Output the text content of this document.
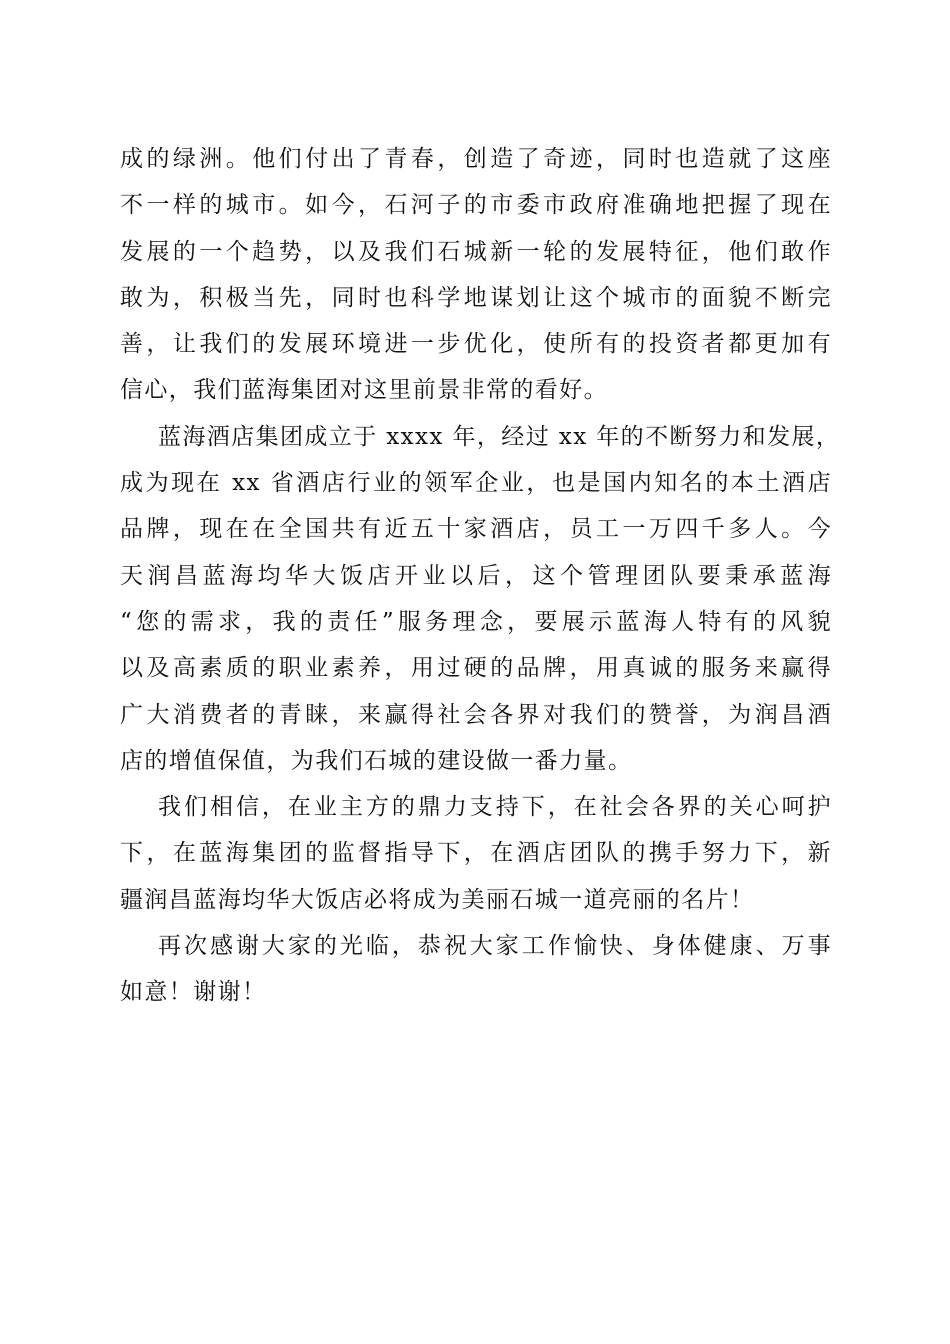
成的绿洲。他们付出了青春，创造了奇迹，同时也造就了这座
不一样的城市。如今，石河子的市委市政府准确地把握了现在
发展的一个趋势，以及我们石城新一轮的发展特征，他们敢作
敢为，积极当先，同时也科学地谋划让这个城市的面貌不断完
善，让我们的发展环境进一步优化，使所有的投资者都更加有
信心，我们蓝海集团对这里前景非常的看好。
蓝海酒店集团成立于 xxxx 年，经过 xx 年的不断努力和发展，
成为现在 xx 省酒店行业的领军企业，也是国内知名的本土酒店
品牌，现在在全国共有近五十家酒店，员工一万四千多人。今
天润昌蓝海均华大饭店开业以后，这个管理团队要秉承蓝海
“您的需求，我的责任”服务理念，要展示蓝海人特有的风貌
以及高素质的职业素养，用过硬的品牌，用真诚的服务来赢得
广大消费者的青睐，来赢得社会各界对我们的赞誉，为润昌酒
店的增值保值，为我们石城的建设做一番力量。
我们相信，在业主方的鼎力支持下，在社会各界的关心呵护
下，在蓝海集团的监督指导下，在酒店团队的携手努力下，新
疆润昌蓝海均华大饭店必将成为美丽石城一道亮丽的名片！
再次感谢大家的光临，恭祝大家工作愉快、身体健康、万事
如意！谢谢！
